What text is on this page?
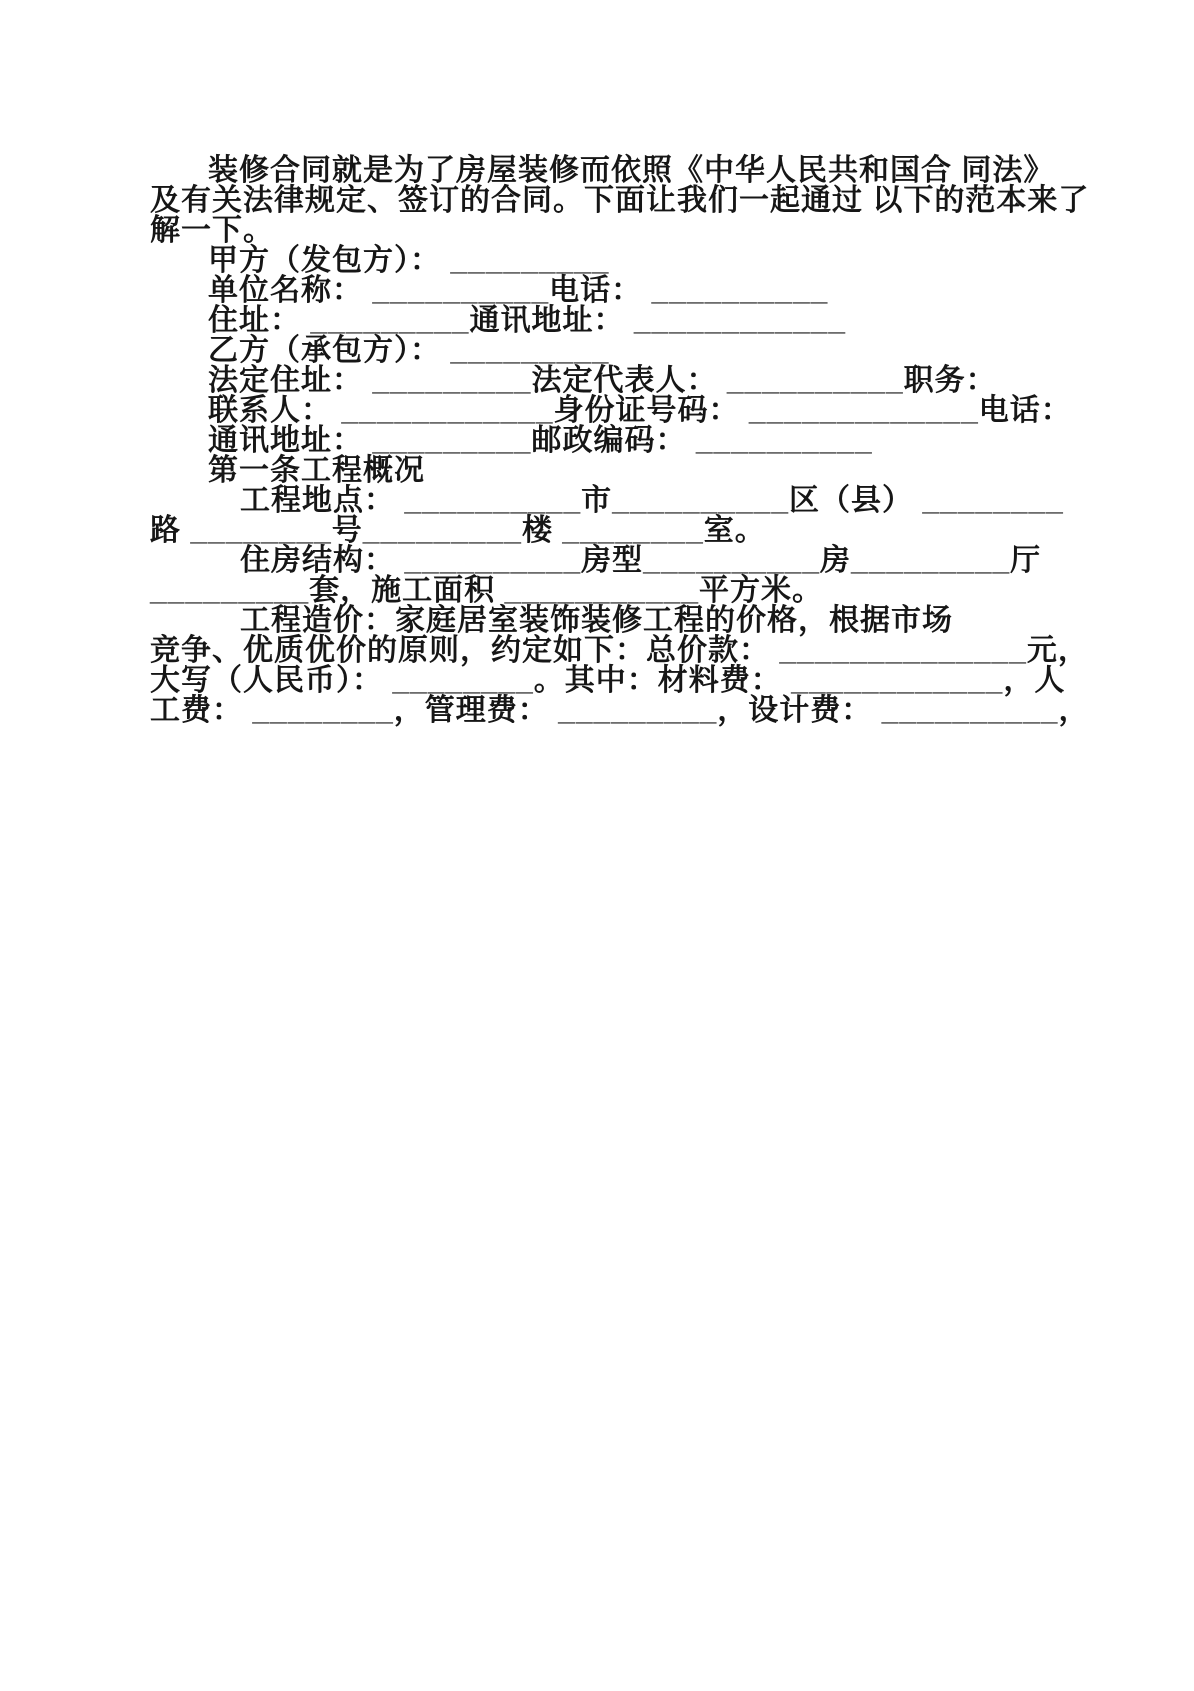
装修合同就是为了房屋装修而依照《中华人民共和国合 同法》

及有关法律规定、签订的合同。下面让我们一起通过 以下的范本来了

解一下。

甲方（发包方）： _________

单位名称： __________电话： __________

住址： _________通讯地址： ____________

乙方（承包方）： _________

法定住址： _________法定代表人： __________职务：

联系人： ____________身份证号码： _____________电话：

通讯地址： _________邮政编码： __________

第一条工程概况

工程地点： __________市__________区（县） ________

路 ________号_________楼 ________室。

住房结构： __________房型__________房_________厅

_________套，施工面积 ___________平方米。

工程造价：家庭居室装饰装修工程的价格，根据市场

竞争、优质优价的原则，约定如下：总价款： ______________元，

大写（人民币）： ________。其中：材料费： ____________，人

工费： ________，管理费： _________，设计费： __________，
